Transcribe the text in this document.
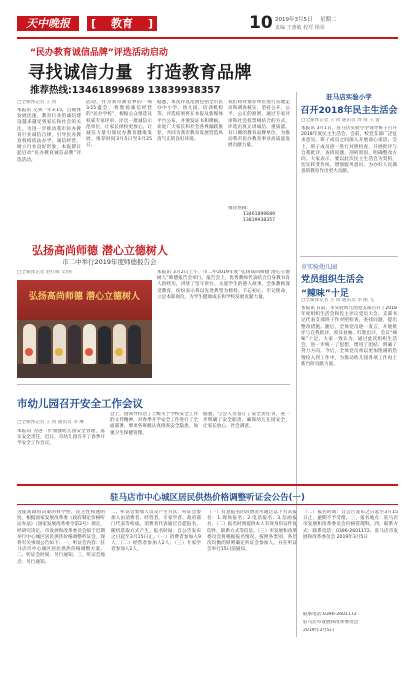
天中晚报	[ 教育 ]	10 2019年3月5日 星期二
责编 王惠敏 校对 杨荣
“民办教育诚信品牌”评选活动启动
寻找诚信力量 打造教育品牌
推荐热线:13461899689 13839938357
□全媒体记者 王 同
本报讯 又到一年3·15，自媒体发展迅速，教育行业的诚信建设越来越受到家长和社会的关注。为进一步推动我市民办教育行业诚信自律，引导民办教育机构依法办学、诚信经营，树立行业良好形象，本报即日起启动“民办教育诚信品牌”评选活动。
活动，作为我市教育界的一场3·15盛会，将褒扬诚信经营的“民办学校”，根据公众推选及权威专家评审，评出一批诚信示范单位，让家长择校更放心，让诚信力量引领民办教育健康发展。推荐时间3月5日至3月25日。
据悉，本次评选范围包括全市民办中小学、幼儿园、培训机构等，评选结果将在本报及新媒体平台公布，并颁发证书和牌匾。欢迎广大家长和社会各界踊跃推荐，共同为我市教育发展营造风清气正的良好环境。
我们将对推荐单位进行实地走访和调查核实，坚持公开、公平、公正的原则，通过专家评审和社会投票相结合的方式，评选出真正讲诚信、重质量、有口碑的教育品牌单位，为推动我市民办教育事业高质量发展贡献力量。
推荐热线:
13461899689
13839938357
弘扬高尚师德 潜心立德树人
市二中举行2019年度师德报告会
□全媒体记者 赵红梅 文/图
弘扬高尚师德 潜心立德树人
本报讯 3月2日上午，市二中2019年度“弘扬高尚师德 潜心立德树人”师德报告会举行。报告会上，优秀教师代表结合自身教书育人的经历，讲述了坚守讲台、关爱学生的感人故事。全体教师深受教育，纷纷表示将以先进典型为榜样，不忘初心，牢记使命，立足本职岗位，为学生健康成长和学校发展贡献力量。
市幼儿园召开安全工作会议
□全媒体记者 王 同 通讯员 李 琳
本报讯 为进一步加强幼儿园安全管理，落实安全责任，近日，市幼儿园召开了春季开学安全工作会议。
会上，园领导传达了上级关于学校安全工作的文件精神，对春季开学安全工作进行了全面部署，要求各班级认真排查安全隐患，加强卫生保健管理。
据悉，与会人员签订了安全责任书，进一步明确了安全职责，确保幼儿在园安全，让家长放心、社会满意。
驻马店实验小学
召开2018年民主生活会
□全媒体记者 王 同 通讯员 周 靖 王 蕾
本报讯 3月1日，驻马店实验小学领导班子召开2018年度民主生活会。会前，校党支部广泛征求意见，班子成员之间深入开展谈心谈话。会上，班子成员逐一进行对照检查，开展批评与自我批评，查找问题，剖析原因，明确整改方向。大家表示，要以此次民主生活会为契机，切实转变作风，增强服务意识，为办好人民满意的教育作出更大贡献。
市实验幼儿园
党员组织生活会
“辣味”十足
□全媒体记者 王 同 通讯员 李 丽 飞
本报讯 日前，市实验幼儿园党支部召开了2018年度组织生活会和民主评议党员大会。支部书记代表支部班子作对照检查，查找问题，提出整改措施。随后，全体党员逐一发言，开展批评与自我批评，咬耳扯袖、红脸出汗，会议“辣味”十足。大家一致认为，通过此次组织生活会，进一步统一了思想，增进了团结，明确了努力方向。今后，全体党员将以更加饱满的热情投入到工作中，为推动幼儿园各项工作再上新台阶贡献力量。
驻马店市中心城区居民供热价格调整听证会公告(一)
为提高政府决策的科学性、民主性和透明度，根据国家发展改革委《政府制定价格听证办法》（国家发展改革委令第2号）规定，经研究决定，市发展和改革委员会拟于近期举行中心城区居民供热价格调整听证会，现将有关事项公告如下：一、听证会内容：驻马店市中心城区居民供热价格调整方案。二、听证会时间：另行通知。三、听证会地点：另行通知。
二、听证会参加人员及产生方式：听证会参加人由消费者、经营者、专家学者、政府部门代表等构成。消费者代表通过自愿报名、随机选取方式产生。报名时间：自公告发布之日起至3月15日止。（一）消费者参加人9人；（二）经营者参加人2人；（三）专家学者参加人2人。
（一）有意报名的消费者可通过以下方式报名：1.现场报名；2.电话报名；3.信函报名。（二）报名时须提供本人有效身份证件复印件、联系方式等信息。（三）市发展和改革委员会将根据报名情况，按照各类别、各层次均衡的原则确定听证会参加人，并在听证会举行15日前通知。
（二）报名时间：自公告发布之日起至3月15日止，逾期不予受理。三、报名地点：驻马店市发展和改革委员会价格管理科。四、联系方式：联系电话：0396-2601172。驻马店市发展和改革委员会 2019年3月5日
联系电话:0396-2601172
驻马店市发展和改革委员会
2019年3月5日
